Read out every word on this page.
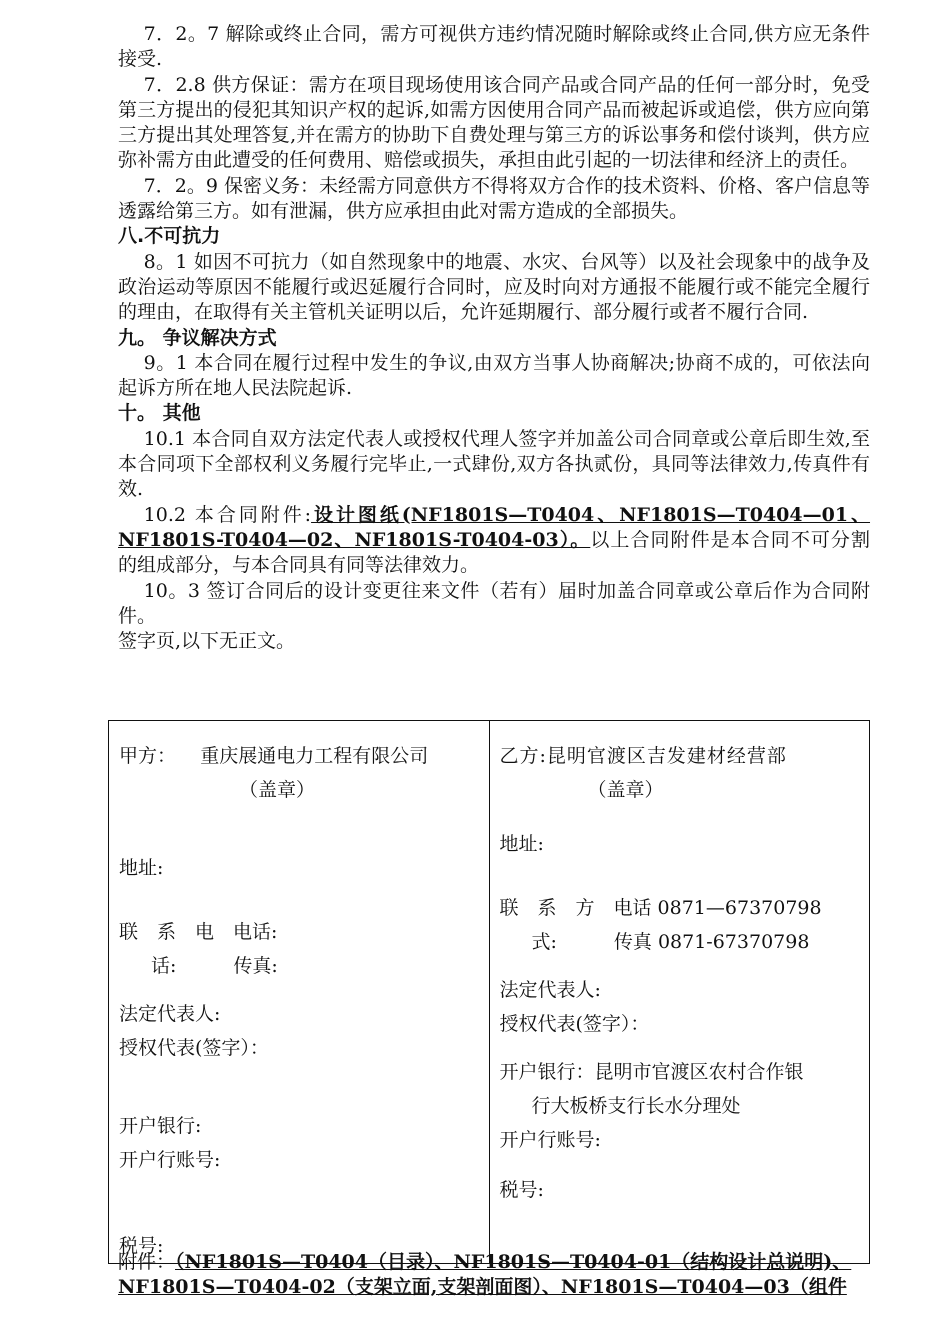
7．2。7 解除或终止合同，需方可视供方违约情况随时解除或终止合同,供方应无条件接受.

7．2.8 供方保证：需方在项目现场使用该合同产品或合同产品的任何一部分时，免受第三方提出的侵犯其知识产权的起诉,如需方因使用合同产品而被起诉或追偿，供方应向第三方提出其处理答复,并在需方的协助下自费处理与第三方的诉讼事务和偿付谈判，供方应弥补需方由此遭受的任何费用、赔偿或损失，承担由此引起的一切法律和经济上的责任。

7．2。9 保密义务：未经需方同意供方不得将双方合作的技术资料、价格、客户信息等透露给第三方。如有泄漏，供方应承担由此对需方造成的全部损失。

八.不可抗力

8。1 如因不可抗力（如自然现象中的地震、水灾、台风等）以及社会现象中的战争及政治运动等原因不能履行或迟延履行合同时，应及时向对方通报不能履行或不能完全履行的理由，在取得有关主管机关证明以后，允许延期履行、部分履行或者不履行合同.

九。 争议解决方式

9。1 本合同在履行过程中发生的争议,由双方当事人协商解决;协商不成的，可依法向起诉方所在地人民法院起诉.

十。 其他

10.1 本合同自双方法定代表人或授权代理人签字并加盖公司合同章或公章后即生效,至本合同项下全部权利义务履行完毕止,一式肆份,双方各执贰份，具同等法律效力,传真件有效.

10.2 本合同附件:设计图纸(NF1801S—T0404、NF1801S—T0404—01、NF1801S-T0404—02、NF1801S-T0404-03）。以上合同附件是本合同不可分割的组成部分，与本合同具有同等法律效力。

10。3 签订合同后的设计变更往来文件（若有）届时加盖合同章或公章后作为合同附件。

签字页,以下无正文。

甲方： 重庆展通电力工程有限公司
（盖章）
地址:
联　系　电　电话:
话:　　　传真:
法定代表人:
授权代表(签字）：
开户银行:
开户行账号:
税号:

乙方:昆明官渡区吉发建材经营部
（盖章）
地址:
联　系　方　电话 0871—67370798
式:　　　传真 0871-67370798
法定代表人:
授权代表(签字）：
开户银行：昆明市官渡区农村合作银
行大板桥支行长水分理处
开户行账号:
税号:
附件：（NF1801S—T0404（目录）、NF1801S—T0404-01（结构设计总说明)、
NF1801S—T0404-02（支架立面,支架剖面图）、NF1801S—T0404—03（组件
